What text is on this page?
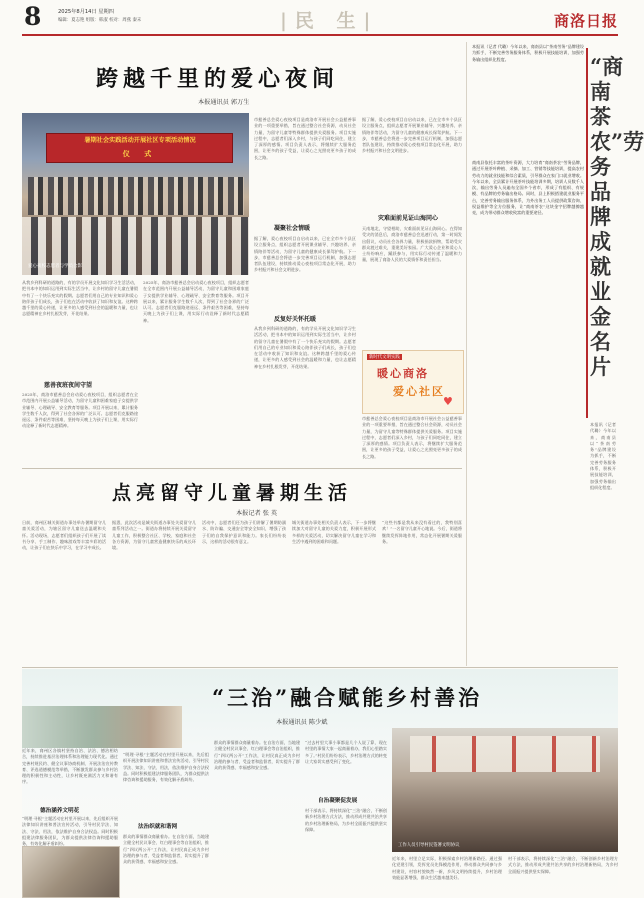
8	2025年8月14日 星期四
编辑：夏志艳 组版：韩淑 校对：周燕 秦末	|民 生|	商洛日报
跨越千里的爱心夜间
本报通讯员 郭万生
暑期社会实践活动开展社区专项活动情况
仪 式
爱心夜校志愿者与学员合影
从我乡到科研的道路的，有的学员开展文化知识学习生活活动，把书本中的知识运用到实际生活当中，让乡村的留守儿童在暑假中有了一个快乐充实的假期。志愿者们用自己的专业知识和爱心陪伴孩子们成长，孩子们也在活动中收获了知识和友谊。这种跨越千里的爱心传递，让更多的人感受到社会的温暖和力量，也让志愿精神在乡村扎根发芽，开花结果。
慈善夜班夜间守望
2025年，商洛市慈善总会启动爱心夜校项目，组织志愿者在全市范围内开展公益辅导活动，为留守儿童和困难家庭子女提供学业辅导、心理疏导、安全教育等服务。项目开展以来，累计服务学生数千人次，得到了社会各界的广泛认可。志愿者们克服路途遥远、条件艰苦等困难，坚持每天晚上为孩子们上课，用实际行动诠释了新时代志愿精神。
2025年，商洛市慈善总会启动爱心夜校项目，组织志愿者在全市范围内开展公益辅导活动，为留守儿童和困难家庭子女提供学业辅导、心理疏导、安全教育等服务。项目开展以来，累计服务学生数千人次，得到了社会各界的广泛认可。志愿者们克服路途遥远、条件艰苦等困难，坚持每天晚上为孩子们上课，用实际行动诠释了新时代志愿精神。
市慈善总会爱心夜校项目是商洛市开展社会公益慈善事业的一项重要举措，旨在通过整合社会资源，动员社会力量，为留守儿童等特殊群体提供关爱服务。项目实施过程中，志愿者们深入乡村，与孩子们同吃同住，建立了深厚的感情。项目负责人表示，将继续扩大服务范围，让更多的孩子受益，让爱心之光照亮更多孩子的成长之路。
凝聚社会情暖
据了解，爱心夜校项目自启动以来，已在全市多个县区设立服务点，组织志愿者开展课业辅导、兴趣培养、亲情陪伴等活动，为留守儿童的健康成长保驾护航。下一步，市慈善总会将进一步完善项目运行机制，加强志愿者队伍建设，持续推动爱心夜校项目常态化开展，助力乡村振兴和社会文明进步。
反复好关怀托暖
从我乡到科研的道路的，有的学员开展文化知识学习生活活动，把书本中的知识运用到实际生活当中，让乡村的留守儿童在暑假中有了一个快乐充实的假期。志愿者们用自己的专业知识和爱心陪伴孩子们成长，孩子们也在活动中收获了知识和友谊。这种跨越千里的爱心传递，让更多的人感受到社会的温暖和力量，也让志愿精神在乡村扎根发芽，开花结果。
据了解，爱心夜校项目自启动以来，已在全市多个县区设立服务点，组织志愿者开展课业辅导、兴趣培养、亲情陪伴等活动，为留守儿童的健康成长保驾护航。下一步，市慈善总会将进一步完善项目运行机制，加强志愿者队伍建设，持续推动爱心夜校项目常态化开展，助力乡村振兴和社会文明进步。
灾难面前见证山海同心
天南地北，守望相助，灾难面前见证山海同心。在得知受灾的消息后，商洛市慈善总会迅速行动，第一时间发出倡议，动员社会各界力量，积极捐款捐物，帮助受灾群众渡过难关，重建美好家园。广大爱心企业和爱心人士纷纷响应，踊跃参与，用实际行动传递了温暖和力量，展现了商洛人民的大爱情怀和责任担当。
新时代文明实践
暖心商洛
爱心社区
♥
市慈善总会爱心夜校项目是商洛市开展社会公益慈善事业的一项重要举措，旨在通过整合社会资源，动员社会力量，为留守儿童等特殊群体提供关爱服务。项目实施过程中，志愿者们深入乡村，与孩子们同吃同住，建立了深厚的感情。项目负责人表示，将继续扩大服务范围，让更多的孩子受益，让爱心之光照亮更多孩子的成长之路。
本报讯（记者 代璐）今年以来，商南县以“茶南劳务”品牌建设为抓手，不断完善劳务服务体系，积极开展技能培训，加强劳务输出组织化程度。	“商南茶农”劳务品牌成就业金名片
商南县依托丰富的茶叶资源，大力培育“商南茶农”劳务品牌，通过开展茶叶种植、采摘、加工、营销等技能培训，提高农村劳动力的就业技能和综合素质，引导群众在家门口就业增收。今年以来，全县累计开展茶叶技能培训多期，培训人员数千人次，输出劳务人员遍布全国多个省市，形成了有组织、有规模、有品牌的劳务输出格局。同时，县上积极搭建就业服务平台，完善劳务输出服务体系，为外出务工人员提供政策咨询、权益维护等全方位服务，让“商南茶农”这块金字招牌越擦越亮，成为带动群众增收致富的重要途径。
本报讯（记者 代璐）今年以来，商南县以“茶南劳务”品牌建设为抓手，不断完善劳务服务体系，积极开展技能培训，加强劳务输出组织化程度。
点亮留守儿童暑期生活
本报记者 张 英
日前，商州区城关街道办事处举办暑期留守儿童关爱活动，为辖区留守儿童送去温暖和关怀。活动现场，志愿者们组织孩子们开展了读书分享、手工制作、趣味游戏等丰富多彩的活动，让孩子们在快乐中学习，在学习中成长。
据悉，此次活动是城关街道办事处关爱留守儿童系列活动之一。街道办将持续开展关爱留守儿童工作，积极整合社区、学校、家庭和社会各方资源，为留守儿童营造健康快乐的成长环境。
活动中，志愿者们还为孩子们讲解了暑期防溺水、防诈骗、交通安全等安全知识，增强了孩子们的自我保护意识和能力。家长们纷纷表示，这样的活动很有意义。
城关街道办事处相关负责人表示，下一步将继续加大对留守儿童的关爱力度，积极开展形式多样的关爱活动，切实解决留守儿童在学习和生活中遇到的困难和问题。
“这些书都是我从来没有看过的，我特别喜欢！”一名留守儿童开心地说。今后，街道将继续发挥阵地作用，常态化开展暑期关爱服务。
“三治”融合赋能乡村善治
本报通讯员 陈少斌
近年来，商州区各镇村坚持自治、法治、德治相结合，持续推进基层治理体系和治理能力现代化。通过完善村规民约、健全议事协商机制、开展法治宣传教育、评选道德模范等举措，不断激发群众参与乡村治理的积极性和主动性，让乡村既充满活力又和谐有序。
德治涵养文明花
“明理·寻根”主题活动在村里开展以来，先后组织开展法律知识讲座和普法宣传活动，引导村民学法、知法、守法、用法，依法维护自身合法权益。同时积极组建法律服务团队，为群众提供法律咨询和援助服务，有效化解矛盾纠纷。
“明理·寻根”主题活动在村里开展以来，先后组织开展法律知识讲座和普法宣传活动，引导村民学法、知法、守法、用法，依法维护自身合法权益。同时积极组建法律服务团队，为群众提供法律咨询和援助服务，有效化解矛盾纠纷。
法治织就和谐网
群众的事情群众商量着办。在自治方面，当地建立健全村民议事会、红白理事会等自治组织，推行“四议两公开”工作法，让村民真正成为乡村治理的参与者、受益者和监督者，切实提升了群众的获得感、幸福感和安全感。
群众的事情群众商量着办。在自治方面，当地建立健全村民议事会、红白理事会等自治组织，推行“四议两公开”工作法，让村民真正成为乡村治理的参与者、受益者和监督者，切实提升了群众的获得感、幸福感和安全感。
“过去村里大事小事都是几个人说了算，现在村里的事情大家一起商量着办，我们心里踏实多了。”村民们纷纷表示，乡村治理方式的转变让大家切实感受到了变化。
自治凝聚促发展
村干部表示，将持续深化“三治”融合，不断创新乡村治理方式方法，推动形成共建共治共享的乡村治理新格局，为乡村全面振兴提供坚实保障。
工作人员引导村民签署文明协议
近年来，村里立足实际，积极探索乡村治理新路径。通过强化党建引领，发挥党员先锋模范作用，带动群众共同参与乡村建设，村容村貌焕然一新，乡风文明持续提升，乡村治理效能显著增强，群众生活越来越美好。
村干部表示，将持续深化“三治”融合，不断创新乡村治理方式方法，推动形成共建共治共享的乡村治理新格局，为乡村全面振兴提供坚实保障。
